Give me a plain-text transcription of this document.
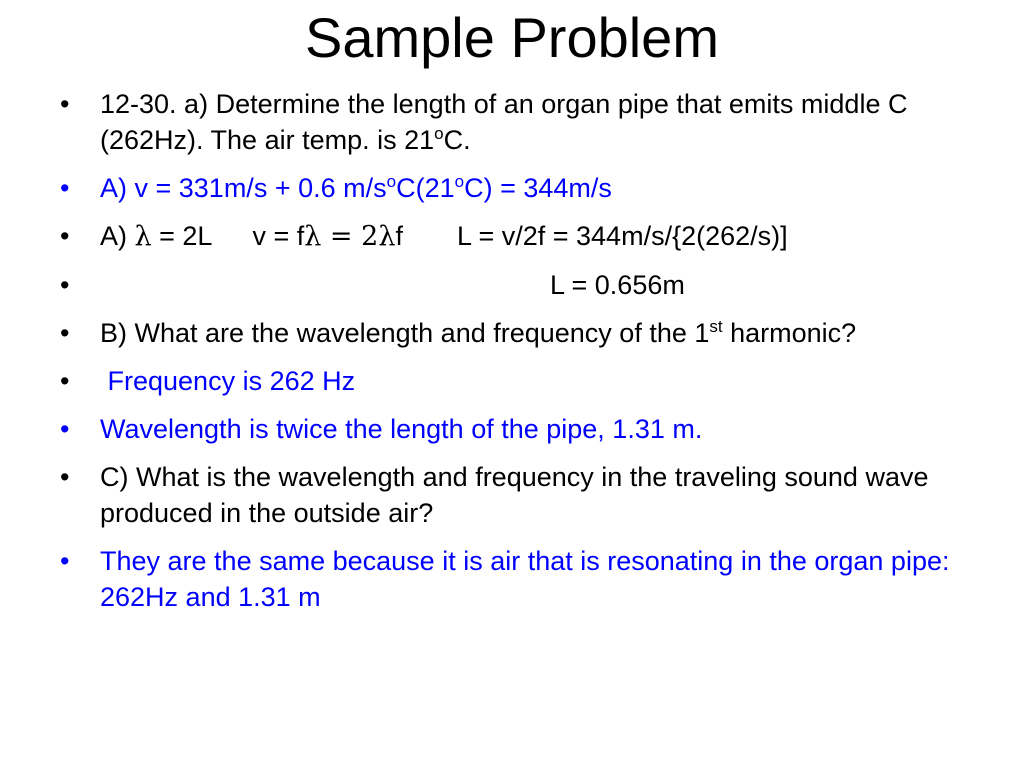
Sample Problem
• 12-30. a) Determine the length of an organ pipe that emits middle C (262Hz). The air temp. is 21$^o$C.
• A) v = 331m/s + 0.6 $m/s^oC(21^oC) = 344m/s$
• A) λ = 2L v = fλ = 2λf L = v/2f = 344m/s/{2(262/s)]
•	L = 0.656m
• B) What are the wavelength and frequency of the 1st harmonic?
• Frequency is 262 Hz
• Wavelength is twice the length of the pipe, 1.31 m.
• C) What is the wavelength and frequency in the traveling sound wave produced in the outside air?
• They are the same because it is air that is resonating in the organ pipe: 262Hz and 1.31 m
